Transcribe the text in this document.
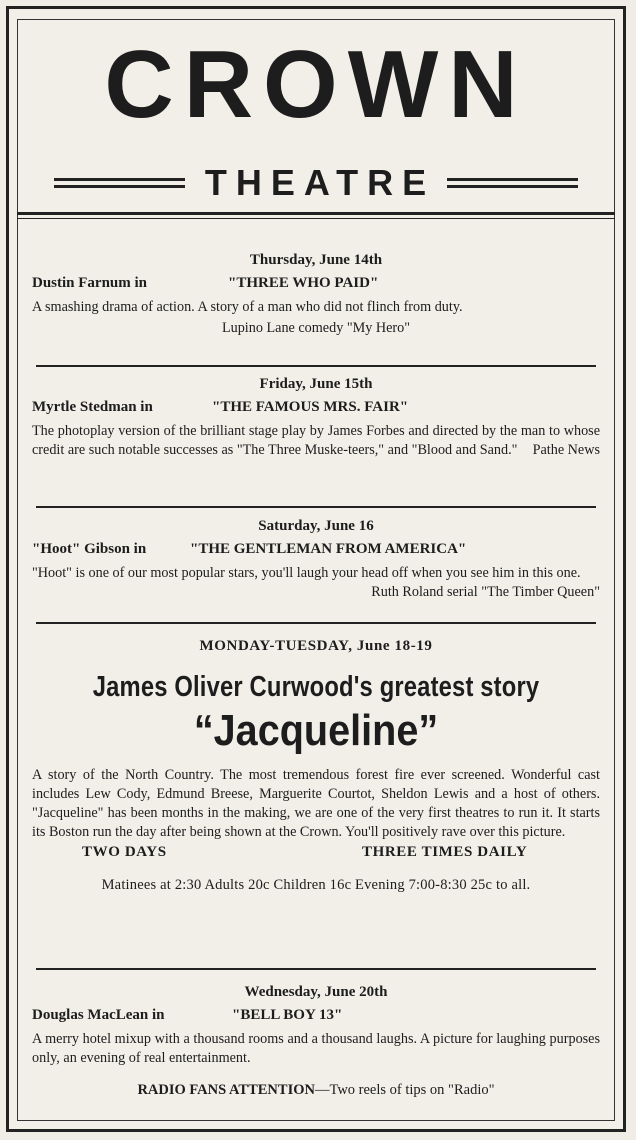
CROWN
THEATRE
Thursday, June 14th
Dustin Farnum in	"THREE WHO PAID"
A smashing drama of action. A story of a man who did not flinch from duty.
Lupino Lane comedy "My Hero"
Friday, June 15th
Myrtle Stedman in	"THE FAMOUS MRS. FAIR"
The photoplay version of the brilliant stage play by James Forbes and directed by the man to whose credit are such notable successes as "The Three Muske-teers," and "Blood and Sand." Pathe News
Saturday, June 16
"Hoot" Gibson in	"THE GENTLEMAN FROM AMERICA"
"Hoot" is one of our most popular stars, you'll laugh your head off when you see him in this one.
Ruth Roland serial "The Timber Queen"
MONDAY-TUESDAY, June 18-19
James Oliver Curwood's greatest story
“Jacqueline”
A story of the North Country. The most tremendous forest fire ever screened. Wonderful cast includes Lew Cody, Edmund Breese, Marguerite Courtot, Sheldon Lewis and a host of others. "Jacqueline" has been months in the making, we are one of the very first theatres to run it. It starts its Boston run the day after being shown at the Crown. You'll positively rave over this picture.
TWO DAYS	THREE TIMES DAILY
Matinees at 2:30 Adults 20c Children 16c Evening 7:00-8:30 25c to all.
Wednesday, June 20th
Douglas MacLean in	"BELL BOY 13"
A merry hotel mixup with a thousand rooms and a thousand laughs. A picture for laughing purposes only, an evening of real entertainment.
RADIO FANS ATTENTION—Two reels of tips on "Radio"
